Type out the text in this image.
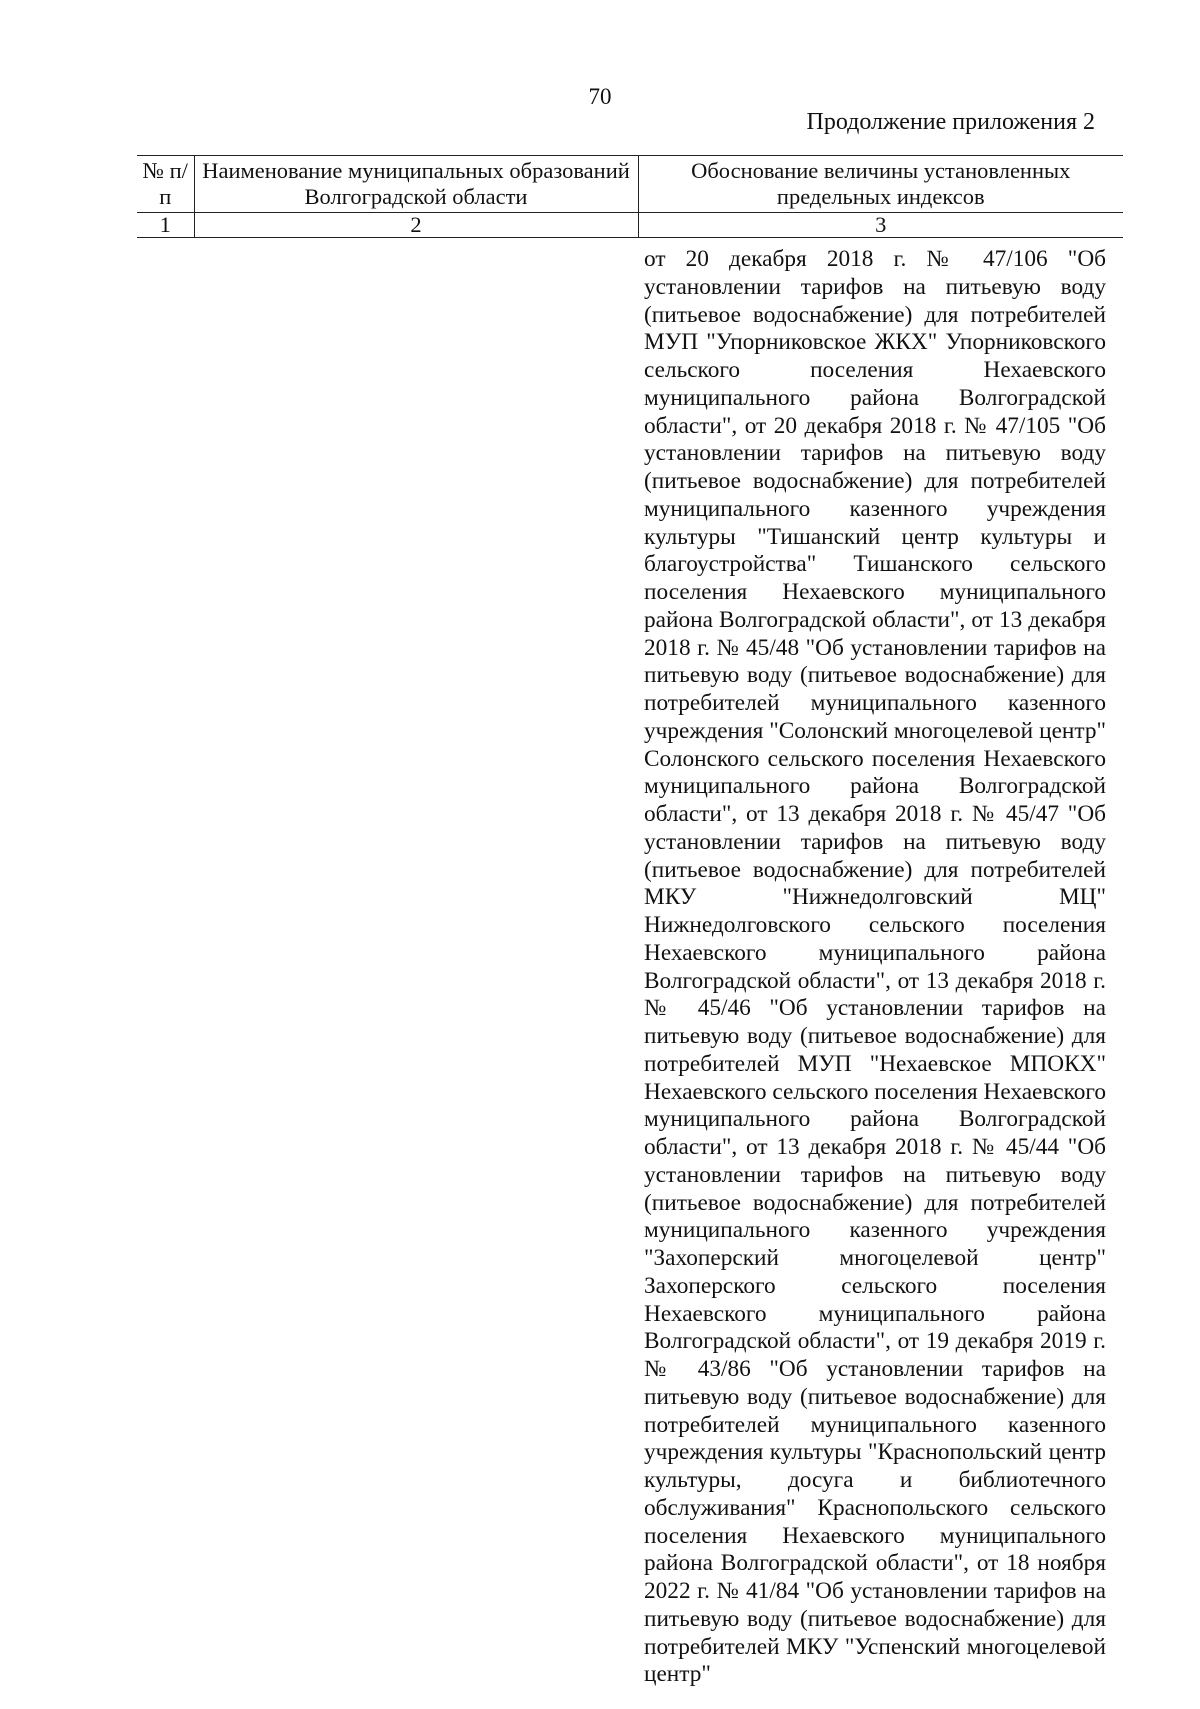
70
Продолжение приложения 2
№ п/п	Наименование муниципальных образований Волгоградской области	Обоснование величины установленных предельных индексов
1	2	3

		от 20 декабря 2018 г. № 47/106 "Об установлении тарифов на питьевую воду (питьевое водоснабжение) для потребителей МУП "Упорниковское ЖКХ" Упорниковского сельского поселения Нехаевского муниципального района Волгоградской области", от 20 декабря 2018 г. № 47/105 "Об установлении тарифов на питьевую воду (питьевое водоснабжение) для потребителей муниципального казенного учреждения культуры "Тишанский центр культуры и благоустройства" Тишанского сельского поселения Нехаевского муниципального района Волгоградской области", от 13 декабря 2018 г. № 45/48 "Об установлении тарифов на питьевую воду (питьевое водоснабжение) для потребителей муниципального казенного учреждения "Солонский многоцелевой центр" Солонского сельского поселения Нехаевского муниципального района Волгоградской области", от 13 декабря 2018 г. № 45/47 "Об установлении тарифов на питьевую воду (питьевое водоснабжение) для потребителей МКУ "Нижнедолговский МЦ" Нижнедолговского сельского поселения Нехаевского муниципального района Волгоградской области", от 13 декабря 2018 г. № 45/46 "Об установлении тарифов на питьевую воду (питьевое водоснабжение) для потребителей МУП "Нехаевское МПОКХ" Нехаевского сельского поселения Нехаевского муниципального района Волгоградской области", от 13 декабря 2018 г. № 45/44 "Об установлении тарифов на питьевую воду (питьевое водоснабжение) для потребителей муниципального казенного учреждения "Захоперский многоцелевой центр" Захоперского сельского поселения Нехаевского муниципального района Волгоградской области", от 19 декабря 2019 г. № 43/86 "Об установлении тарифов на питьевую воду (питьевое водоснабжение) для потребителей муниципального казенного учреждения культуры "Краснопольский центр культуры, досуга и библиотечного обслуживания" Краснопольского сельского поселения Нехаевского муниципального района Волгоградской области", от 18 ноября 2022 г. № 41/84 "Об установлении тарифов на питьевую воду (питьевое водоснабжение) для потребителей МКУ "Успенский многоцелевой центр"
